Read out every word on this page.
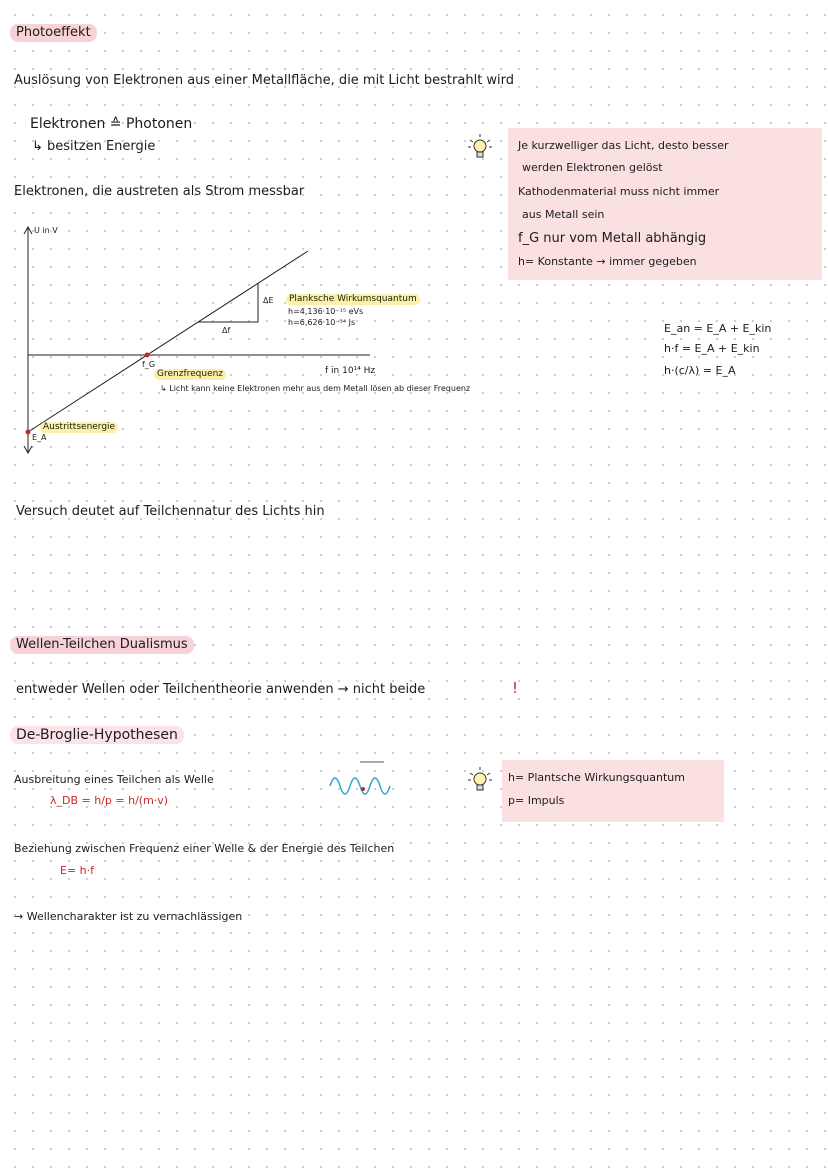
Photoeffekt
Auslösung von Elektronen aus einer Metallfläche, die mit Licht bestrahlt wird
Elektronen ≙ Photonen
↳ besitzen Energie
Elektronen, die austreten als Strom messbar
Je kurzwelliger das Licht, desto besser
werden Elektronen gelöst
Kathodenmaterial muss nicht immer
aus Metall sein
f_G nur vom Metall abhängig
h= Konstante → immer gegeben
E_an = E_A + E_kin
h·f = E_A + E_kin
h·(c/λ) = E_A
U in V
ΔE
Δf
Planksche Wirkumsquantum
h=4,136·10⁻¹⁵ eVs
h=6,626·10⁻³⁴ Js
f_G
Grenzfrequenz
↳ Licht kann keine Elektronen mehr aus dem Metall lösen ab dieser Frequenz
f in 10¹⁴ Hz
Austrittsenergie
E_A
Versuch deutet auf Teilchennatur des Lichts hin
Wellen-Teilchen Dualismus
entweder Wellen oder Teilchentheorie anwenden → nicht beide	!
De-Broglie-Hypothesen
Ausbreitung eines Teilchen als Welle
λ_DB = h/p = h/(m·v)
h= Plantsche Wirkungsquantum
p= Impuls
Beziehung zwischen Frequenz einer Welle & der Energie des Teilchen
E= h·f
→ Wellencharakter ist zu vernachlässigen
